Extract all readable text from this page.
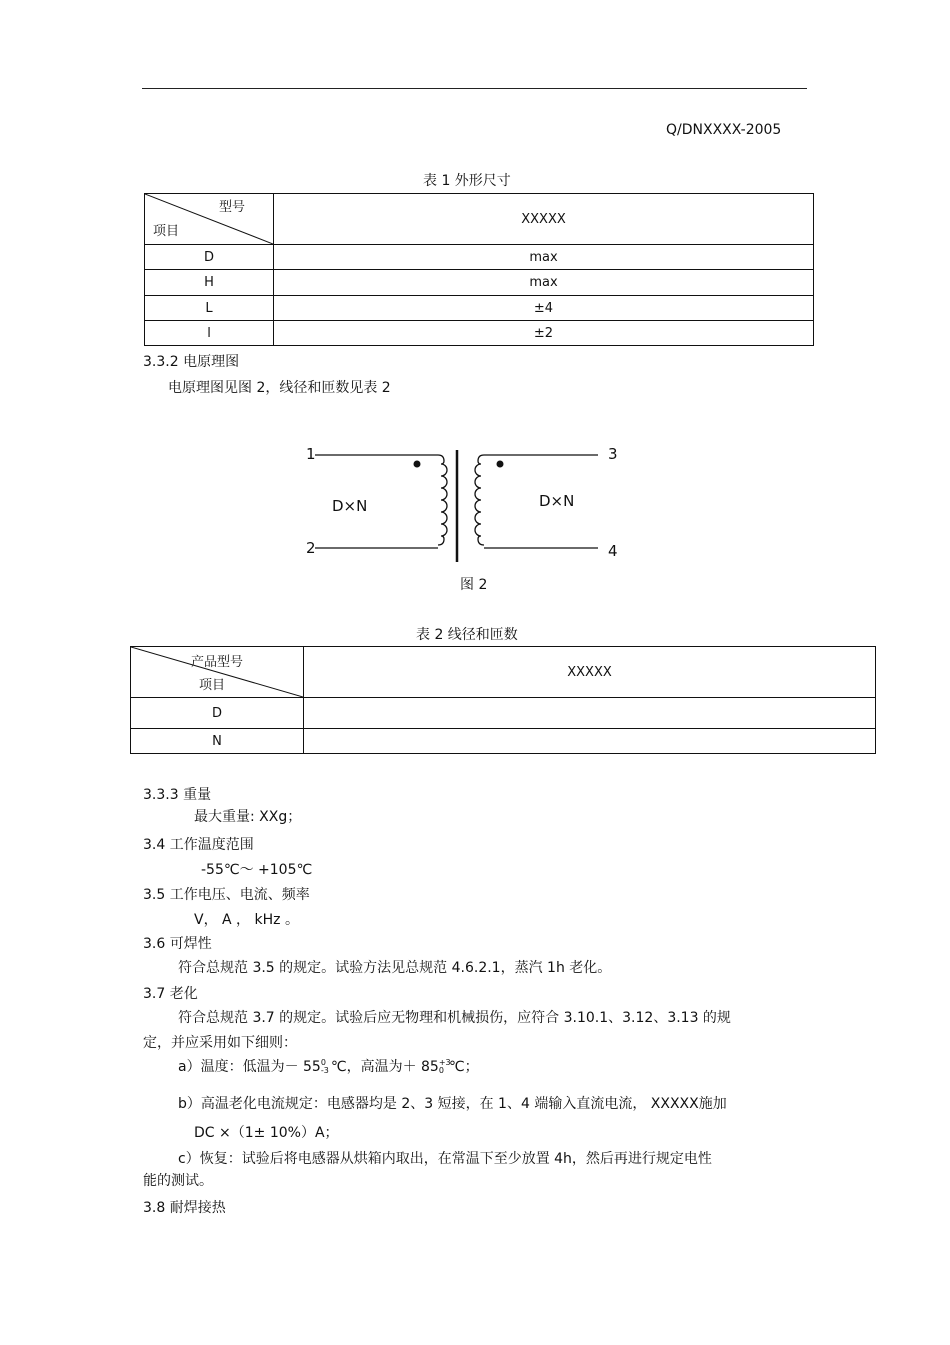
Q/DNXXXX-2005
表 1 外形尺寸
型号
项目	XXXXX
D	max
H	max
L	±4
l	±2
3.3.2 电原理图
电原理图见图 2，线径和匝数见表 2
1
2
3
4
D×N	D×N
图 2
表 2 线径和匝数
产品型号
项目	XXXXX
D	
N	
3.3.3 重量
最大重量: XXg；
3.4 工作温度范围
-55℃～ +105℃
3.5 工作电压、电流、频率
V， A ， kHz 。
3.6 可焊性
符合总规范 3.5 的规定。试验方法见总规范 4.6.2.1，蒸汽 1h 老化。
3.7 老化
符合总规范 3.7 的规定。试验后应无物理和机械损伤，应符合 3.10.1、3.12、3.13 的规
定，并应采用如下细则：
a）温度：低温为－ 55 0
-3 ℃，高温为＋ 85 +3
0 ℃；
b）高温老化电流规定：电感器均是 2、3 短接，在 1、4 端输入直流电流， XXXXX施加
DC ×（1± 10%）A；
c）恢复：试验后将电感器从烘箱内取出，在常温下至少放置 4h，然后再进行规定电性
能的测试。
3.8 耐焊接热
